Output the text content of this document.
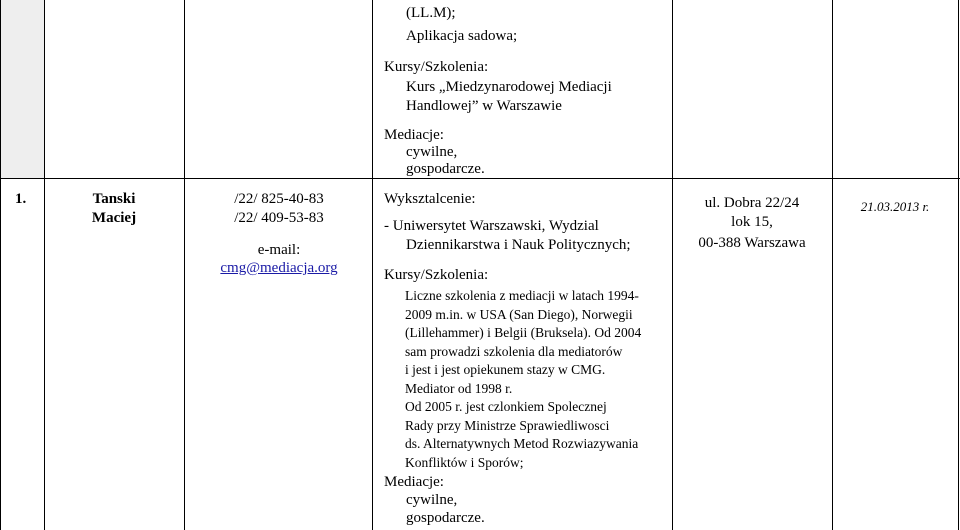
(LL.M);
Aplikacja sadowa;
Kursy/Szkolenia:
Kurs „Miedzynarodowej Mediacji
Handlowej” w Warszawie
Mediacje:
cywilne,
gospodarcze.
1.	Tanski
Maciej
/22/ 825-40-83
/22/ 409-53-83
e-mail:
cmg@mediacja.org
Wyksztalcenie:
- Uniwersytet Warszawski, Wydzial
Dziennikarstwa i Nauk Politycznych;
Kursy/Szkolenia:
Liczne szkolenia z mediacji w latach 1994-
2009 m.in. w USA (San Diego), Norwegii
(Lillehammer) i Belgii (Bruksela). Od 2004
sam prowadzi szkolenia dla mediatorów
i jest i jest opiekunem stazy w CMG.
Mediator od 1998 r.
Od 2005 r. jest czlonkiem Spolecznej
Rady przy Ministrze Sprawiedliwosci
ds. Alternatywnych Metod Rozwiazywania
Konfliktów i Sporów;
Mediacje:
cywilne,
gospodarcze.
ul. Dobra 22/24
lok 15,
00-388 Warszawa
21.03.2013 r.
